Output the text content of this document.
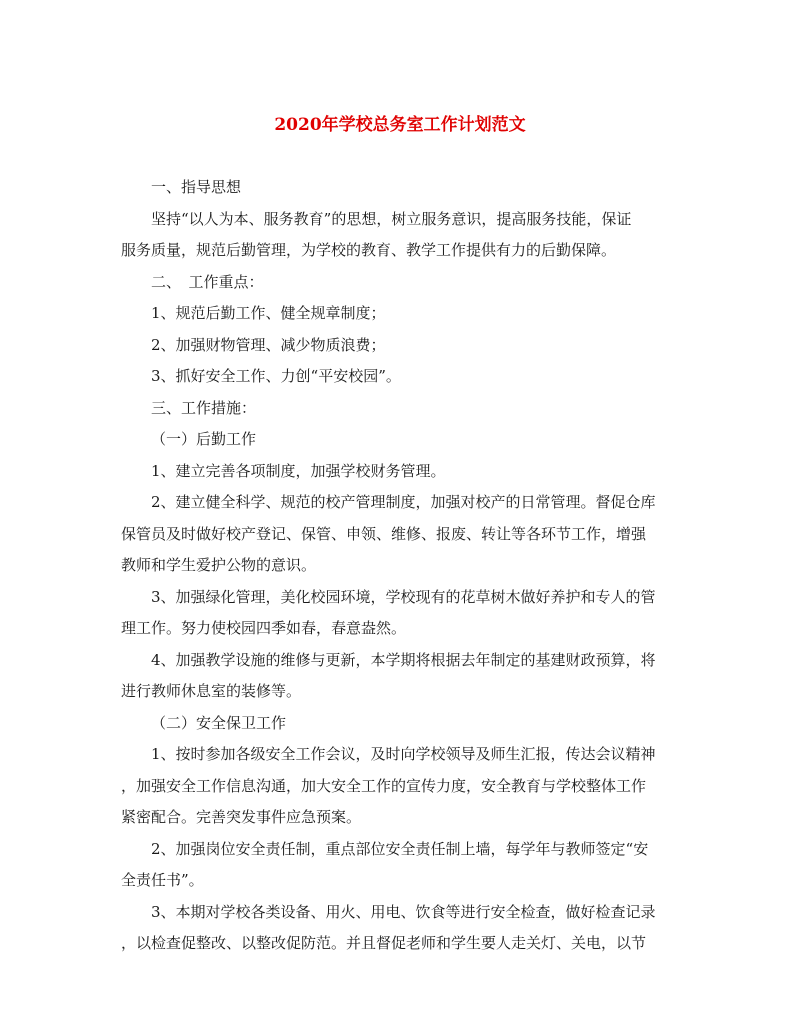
2020年学校总务室工作计划范文
一、指导思想
坚持“以人为本、服务教育”的思想，树立服务意识，提高服务技能，保证
服务质量，规范后勤管理，为学校的教育、教学工作提供有力的后勤保障。
二、　工作重点：
1、规范后勤工作、健全规章制度；
2、加强财物管理、减少物质浪费；
3、抓好安全工作、力创“平安校园”。
三、工作措施：
（一）后勤工作
1、建立完善各项制度，加强学校财务管理。
2、建立健全科学、规范的校产管理制度，加强对校产的日常管理。督促仓库
保管员及时做好校产登记、保管、申领、维修、报废、转让等各环节工作，增强
教师和学生爱护公物的意识。
3、加强绿化管理，美化校园环境，学校现有的花草树木做好养护和专人的管
理工作。努力使校园四季如春，春意盎然。
4、加强教学设施的维修与更新，本学期将根据去年制定的基建财政预算，将
进行教师休息室的装修等。
（二）安全保卫工作
1、按时参加各级安全工作会议，及时向学校领导及师生汇报，传达会议精神
，加强安全工作信息沟通，加大安全工作的宣传力度，安全教育与学校整体工作
紧密配合。完善突发事件应急预案。
2、加强岗位安全责任制，重点部位安全责任制上墙，每学年与教师签定“安
全责任书”。
3、本期对学校各类设备、用火、用电、饮食等进行安全检查，做好检查记录
，以检查促整改、以整改促防范。并且督促老师和学生要人走关灯、关电，以节
